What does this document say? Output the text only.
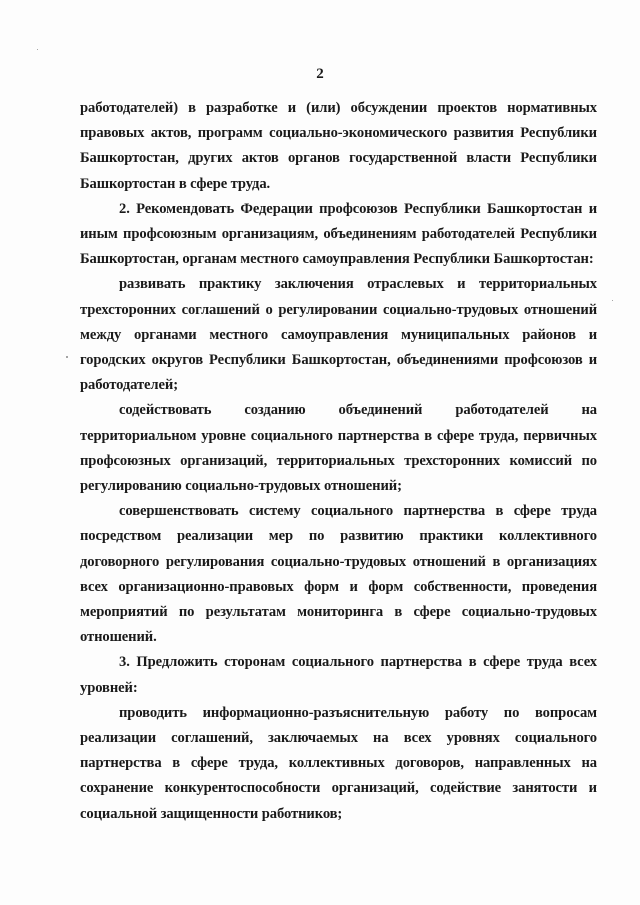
2

работодателей) в разработке и (или) обсуждении проектов нормативных правовых актов, программ социально-экономического развития Республики Башкортостан, других актов органов государственной власти Республики Башкортостан в сфере труда.

2. Рекомендовать Федерации профсоюзов Республики Башкортостан и иным профсоюзным организациям, объединениям работодателей Республики Башкортостан, органам местного самоуправления Республики Башкортостан:

развивать практику заключения отраслевых и территориальных трехсторонних соглашений о регулировании социально-трудовых отношений между органами местного самоуправления муниципальных районов и городских округов Республики Башкортостан, объединениями профсоюзов и работодателей;

содействовать созданию объединений работодателей на территориальном уровне социального партнерства в сфере труда, первичных профсоюзных организаций, территориальных трехсторонних комиссий по регулированию социально-трудовых отношений;

совершенствовать систему социального партнерства в сфере труда посредством реализации мер по развитию практики коллективного договорного регулирования социально-трудовых отношений в организациях всех организационно-правовых форм и форм собственности, проведения мероприятий по результатам мониторинга в сфере социально-трудовых отношений.

3. Предложить сторонам социального партнерства в сфере труда всех уровней:

проводить информационно-разъяснительную работу по вопросам реализации соглашений, заключаемых на всех уровнях социального партнерства в сфере труда, коллективных договоров, направленных на сохранение конкурентоспособности организаций, содействие занятости и социальной защищенности работников;
